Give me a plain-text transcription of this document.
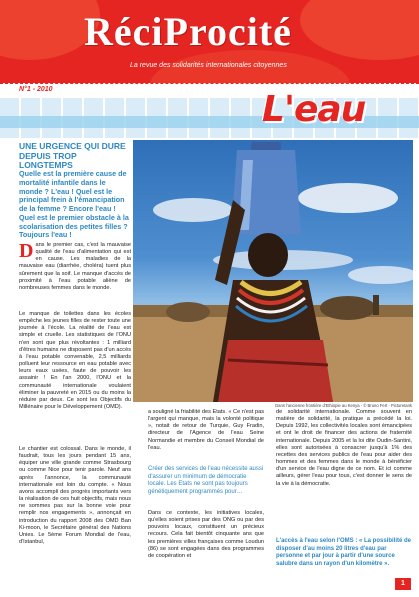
RéciProcité
La revue des solidarités internationales citoyennes
N°1 - 2010	L'eau
UNE URGENCE QUI DURE DEPUIS TROP LONGTEMPS
Quelle est la première cause de mortalité infantile dans le monde ? L'eau ! Quel est le principal frein à l'émancipation de la femme ? Encore l'eau ! Quel est le premier obstacle à la scolarisation des petites filles ? Toujours l'eau !
Dans le premier cas, c'est la mauvaise qualité de l'eau d'alimentation qui est en cause. Les maladies de la mauvaise eau (diarrhée, choléra) tuent plus sûrement que la soif. Le manque d'accès de proximité à l'eau potable aliène de nombreuses femmes dans le monde.
Le manque de toilettes dans les écoles empêche les jeunes filles de rester toute une journée à l'école. La réalité de l'eau est simple et cruelle. Les statistiques de l'ONU n'en sont que plus révoltantes : 1 milliard d'êtres humains ne disposent pas d'un accès à l'eau potable convenable, 2,5 milliards polluent leur ressource en eau potable avec leurs eaux usées, faute de pouvoir les assainir ! En l'an 2000, l'ONU et la communauté internationale voulaient éliminer la pauvreté en 2015 ou du moins la réduire par deux. Ce sont les Objectifs du Millénaire pour le Développement (OMD).
Le chantier est colossal. Dans le monde, il faudrait, tous les jours pendant 15 ans, équiper une ville grande comme Strasbourg ou comme Nice pour tenir parole. Neuf ans après l'annonce, la communauté internationale est loin du compte. « Nous avons accompli des progrès importants vers la réalisation de ces huit objectifs, mais nous ne sommes pas sur la bonne voie pour remplir nos engagements », annonçait en introduction du rapport 2008 des OMD Ban Ki-moon, le Secrétaire général des Nations Unies. Le 5ème Forum Mondial de l'eau, d'Istanbul,
Dans l'ancienne frontière d'Ethiopie au Kenya - © Bruno Fert - Picturetank
a souligné la friabilité des Etats. « Ce n'est pas l'argent qui manque, mais la volonté politique », notait de retour de Turquie, Guy Fradin, directeur de l'Agence de l'eau Seine Normandie et membre du Conseil Mondial de l'eau.
Créer des services de l'eau nécessite aussi d'assurer un minimum de démocratie locale. Les Etats ne sont pas toujours génétiquement programmés pour…
Dans ce contexte, les initiatives locales, qu'elles soient prises par des ONG ou par des pouvoirs locaux, constituent un précieux recours. Cela fait bientôt cinquante ans que les premières villes françaises comme Loudun (86) se sont engagées dans des programmes de coopération et
de solidarité internationale. Comme souvent en matière de solidarité, la pratique a précédé la loi. Depuis 1992, les collectivités locales sont émancipées et ont le droit de financer des actions de fraternité internationale. Depuis 2005 et la loi dite Oudin-Santini, elles sont autorisées à consacrer jusqu'à 1% des recettes des services publics de l'eau pour aider des hommes et des femmes dans le monde à bénéficier d'un service de l'eau digne de ce nom. Et ici comme ailleurs, gérer l'eau pour tous, c'est donner le sens de la vie à la démocratie.
L'accès à l'eau selon l'OMS : « La possibilité de disposer d'au moins 20 litres d'eau par personne et par jour à partir d'une source salubre dans un rayon d'un kilomètre ».
1
